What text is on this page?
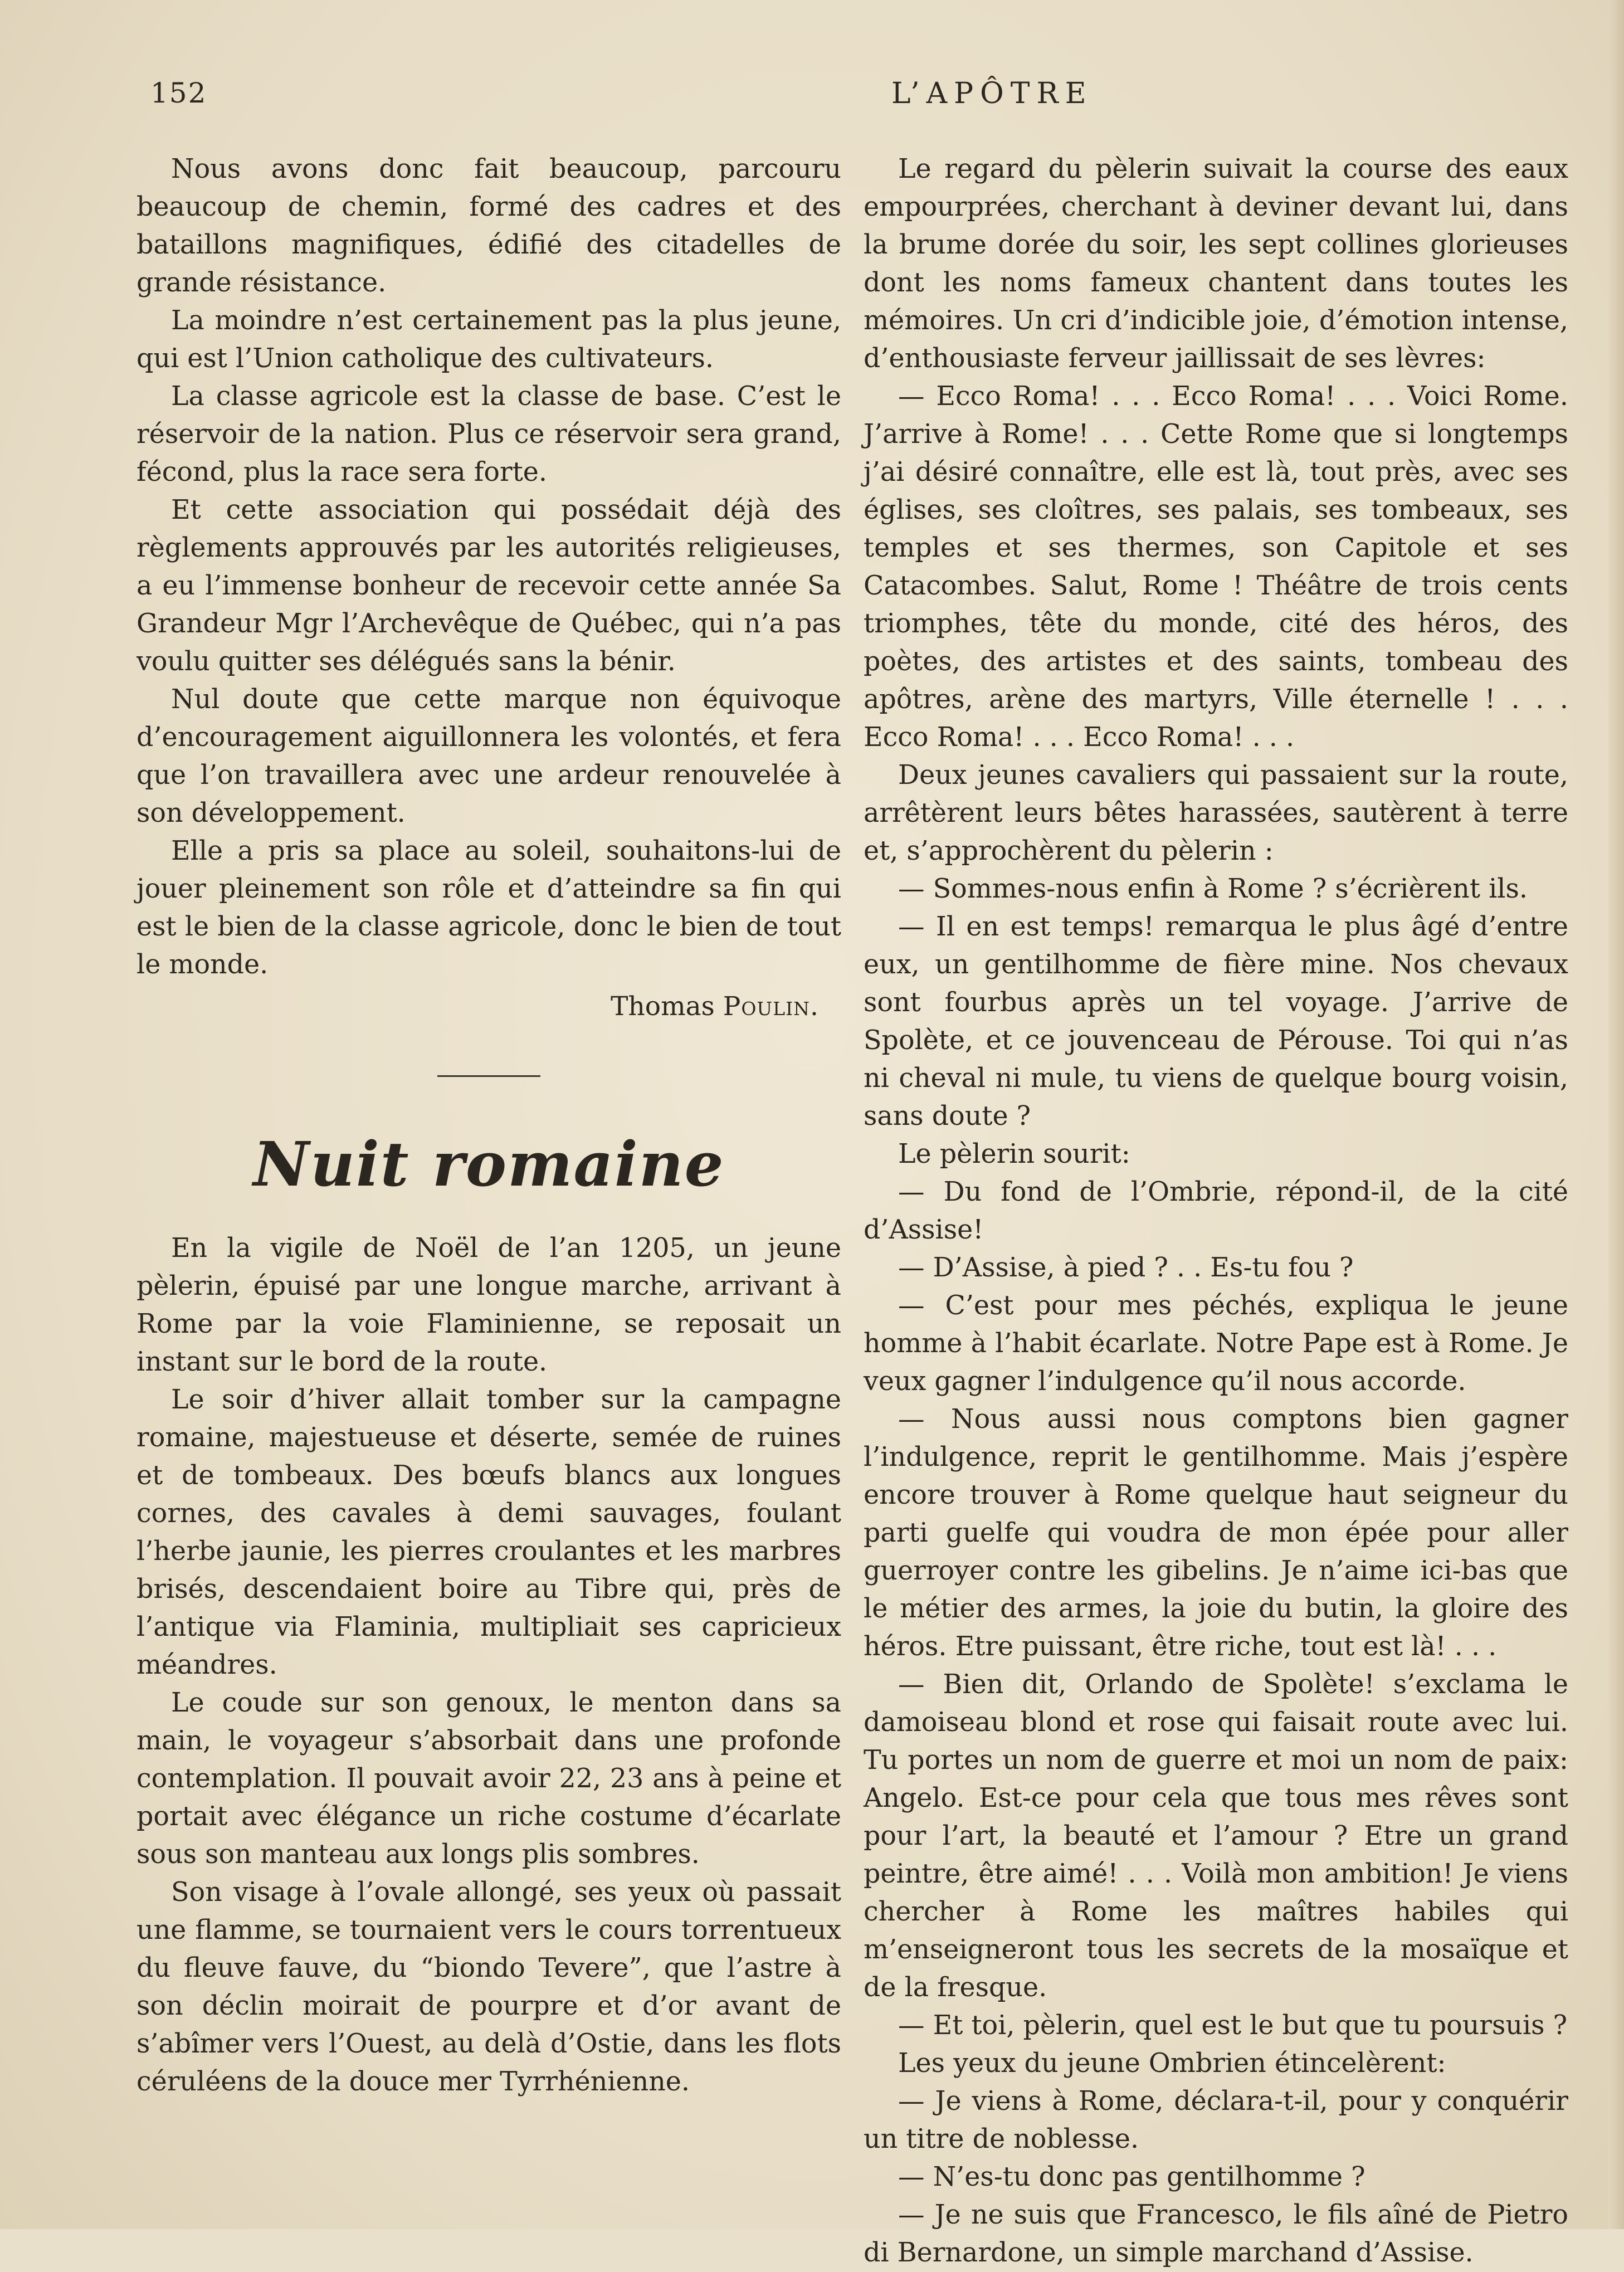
152	L’APÔTRE

Nous avons donc fait beaucoup, parcouru beaucoup de chemin, formé des cadres et des bataillons magnifiques, édifié des citadelles de grande résistance.

La moindre n’est certainement pas la plus jeune, qui est l’Union catholique des cultivateurs.

La classe agricole est la classe de base. C’est le réservoir de la nation. Plus ce réservoir sera grand, fécond, plus la race sera forte.

Et cette association qui possédait déjà des règlements approuvés par les autorités religieuses, a eu l’immense bonheur de recevoir cette année Sa Grandeur Mgr l’Archevêque de Québec, qui n’a pas voulu quitter ses délégués sans la bénir.

Nul doute que cette marque non équivoque d’encouragement aiguillonnera les volontés, et fera que l’on travaillera avec une ardeur renouvelée à son développement.

Elle a pris sa place au soleil, souhaitons-lui de jouer pleinement son rôle et d’atteindre sa fin qui est le bien de la classe agricole, donc le bien de tout le monde.

Thomas Poulin.
Nuit romaine

En la vigile de Noël de l’an 1205, un jeune pèlerin, épuisé par une longue marche, arrivant à Rome par la voie Flaminienne, se reposait un instant sur le bord de la route.

Le soir d’hiver allait tomber sur la campagne romaine, majestueuse et déserte, semée de ruines et de tombeaux. Des bœufs blancs aux longues cornes, des cavales à demi sauvages, foulant l’herbe jaunie, les pierres croulantes et les marbres brisés, descendaient boire au Tibre qui, près de l’antique via Flaminia, multipliait ses capricieux méandres.

Le coude sur son genoux, le menton dans sa main, le voyageur s’absorbait dans une profonde contemplation. Il pouvait avoir 22, 23 ans à peine et portait avec élégance un riche costume d’écarlate sous son manteau aux longs plis sombres.

Son visage à l’ovale allongé, ses yeux où passait une flamme, se tournaient vers le cours torrentueux du fleuve fauve, du “biondo Tevere”, que l’astre à son déclin moirait de pourpre et d’or avant de s’abîmer vers l’Ouest, au delà d’Ostie, dans les flots céruléens de la douce mer Tyrrhénienne.

Le regard du pèlerin suivait la course des eaux empourprées, cherchant à deviner devant lui, dans la brume dorée du soir, les sept collines glorieuses dont les noms fameux chantent dans toutes les mémoires. Un cri d’indicible joie, d’émotion intense, d’enthousiaste ferveur jaillissait de ses lèvres:

— Ecco Roma! . . . Ecco Roma! . . . Voici Rome. J’arrive à Rome! . . . Cette Rome que si longtemps j’ai désiré connaître, elle est là, tout près, avec ses églises, ses cloîtres, ses palais, ses tombeaux, ses temples et ses thermes, son Capitole et ses Catacombes. Salut, Rome ! Théâtre de trois cents triomphes, tête du monde, cité des héros, des poètes, des artistes et des saints, tombeau des apôtres, arène des martyrs, Ville éternelle ! . . . Ecco Roma! . . . Ecco Roma! . . .

Deux jeunes cavaliers qui passaient sur la route, arrêtèrent leurs bêtes harassées, sautèrent à terre et, s’approchèrent du pèlerin :

— Sommes-nous enfin à Rome ? s’écrièrent ils.

— Il en est temps! remarqua le plus âgé d’entre eux, un gentilhomme de fière mine. Nos chevaux sont fourbus après un tel voyage. J’arrive de Spolète, et ce jouvenceau de Pérouse. Toi qui n’as ni cheval ni mule, tu viens de quelque bourg voisin, sans doute ?

Le pèlerin sourit:

— Du fond de l’Ombrie, répond-il, de la cité d’Assise!

— D’Assise, à pied ? . . Es-tu fou ?

— C’est pour mes péchés, expliqua le jeune homme à l’habit écarlate. Notre Pape est à Rome. Je veux gagner l’indulgence qu’il nous accorde.

— Nous aussi nous comptons bien gagner l’indulgence, reprit le gentilhomme. Mais j’espère encore trouver à Rome quelque haut seigneur du parti guelfe qui voudra de mon épée pour aller guerroyer contre les gibelins. Je n’aime ici-bas que le métier des armes, la joie du butin, la gloire des héros. Etre puissant, être riche, tout est là! . . .

— Bien dit, Orlando de Spolète! s’exclama le damoiseau blond et rose qui faisait route avec lui. Tu portes un nom de guerre et moi un nom de paix: Angelo. Est-ce pour cela que tous mes rêves sont pour l’art, la beauté et l’amour ? Etre un grand peintre, être aimé! . . . Voilà mon ambition! Je viens chercher à Rome les maîtres habiles qui m’enseigneront tous les secrets de la mosaïque et de la fresque.

— Et toi, pèlerin, quel est le but que tu poursuis ?

Les yeux du jeune Ombrien étincelèrent:

— Je viens à Rome, déclara-t-il, pour y conquérir un titre de noblesse.

— N’es-tu donc pas gentilhomme ?

— Je ne suis que Francesco, le fils aîné de Pietro di Bernardone, un simple marchand d’Assise.
